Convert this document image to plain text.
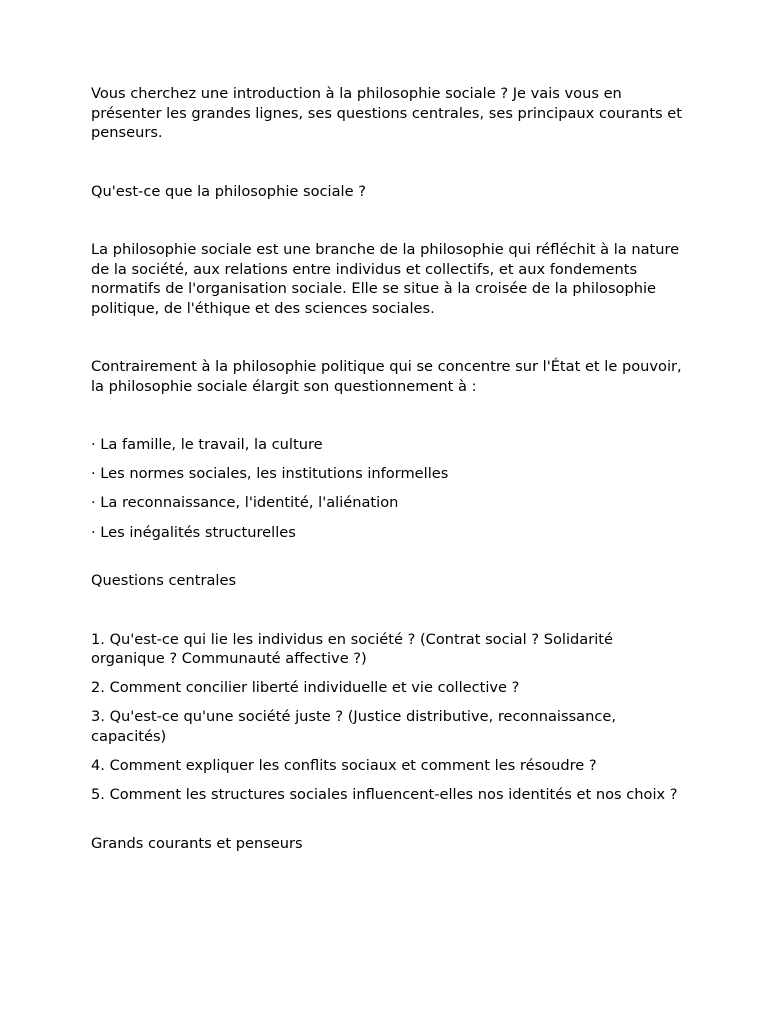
Vous cherchez une introduction à la philosophie sociale ? Je vais vous en présenter les grandes lignes, ses questions centrales, ses principaux courants et penseurs.

Qu'est-ce que la philosophie sociale ?

La philosophie sociale est une branche de la philosophie qui réfléchit à la nature de la société, aux relations entre individus et collectifs, et aux fondements normatifs de l'organisation sociale. Elle se situe à la croisée de la philosophie politique, de l'éthique et des sciences sociales.

Contrairement à la philosophie politique qui se concentre sur l'État et le pouvoir, la philosophie sociale élargit son questionnement à :

· La famille, le travail, la culture
· Les normes sociales, les institutions informelles
· La reconnaissance, l'identité, l'aliénation
· Les inégalités structurelles

Questions centrales

1. Qu'est-ce qui lie les individus en société ? (Contrat social ? Solidarité organique ? Communauté affective ?)
2. Comment concilier liberté individuelle et vie collective ?
3. Qu'est-ce qu'une société juste ? (Justice distributive, reconnaissance, capacités)
4. Comment expliquer les conflits sociaux et comment les résoudre ?
5. Comment les structures sociales influencent-elles nos identités et nos choix ?

Grands courants et penseurs
